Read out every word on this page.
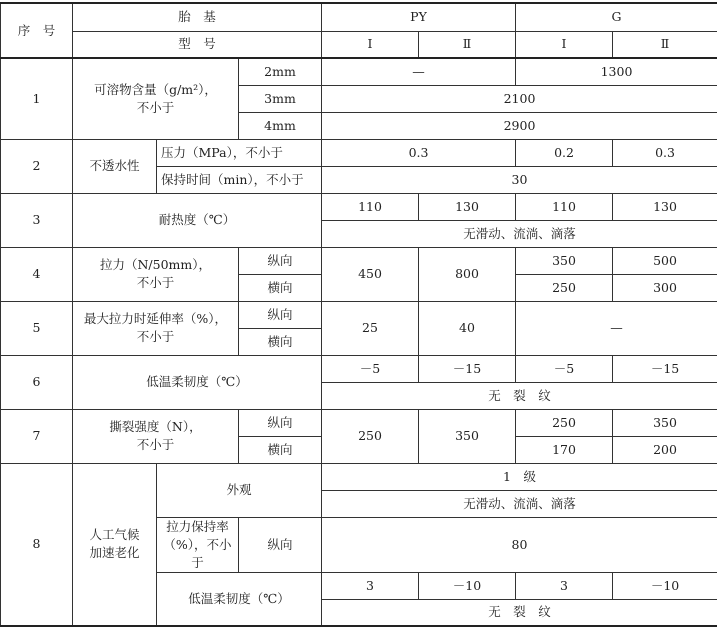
序　号	胎　基			PY		G	
	型　号			Ⅰ	Ⅱ	Ⅰ	Ⅱ
1	可溶物含量（g/m²），
不小于		2mm	—		1300	
			3mm	2100			
			4mm	2900			
2	不透水性	压力（MPa），不小于		0.3		0.2	0.3
		保持时间（min），不小于		30			
3	耐热度（℃）			110	130	110	130
				无滑动、流淌、滴落			
4	拉力（N/50mm），
不小于		纵向	450	800	350	500
			横向			250	300
5	最大拉力时延伸率（%），
不小于		纵向	25	40	—	
			横向				
6	低温柔韧度（℃）			－5	－15	－5	－15
				无　裂　纹			
7	撕裂强度（N），
不小于		纵向	250	350	250	350
			横向			170	200
8	人工气候
加速老化	外观		1　级			
				无滑动、流淌、滴落			
		拉力保持率
（%），不小于	纵向	80			
		低温柔韧度（℃）		3	－10	3	－10
				无　裂　纹			
